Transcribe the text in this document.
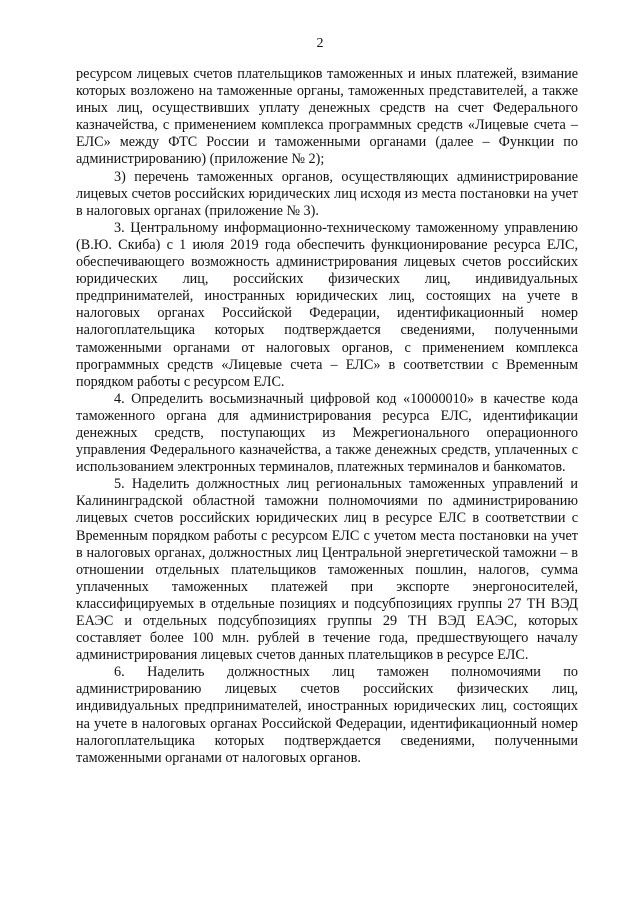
2

ресурсом лицевых счетов плательщиков таможенных и иных платежей, взимание которых возложено на таможенные органы, таможенных представителей, а также иных лиц, осуществивших уплату денежных средств на счет Федерального казначейства, с применением комплекса программных средств «Лицевые счета – ЕЛС» между ФТС России и таможенными органами (далее – Функции по администрированию) (приложение № 2);

3) перечень таможенных органов, осуществляющих администрирование лицевых счетов российских юридических лиц исходя из места постановки на учет в налоговых органах (приложение № 3).

3. Центральному информационно-техническому таможенному управлению (В.Ю. Скиба) с 1 июля 2019 года обеспечить функционирование ресурса ЕЛС, обеспечивающего возможность администрирования лицевых счетов российских юридических лиц, российских физических лиц, индивидуальных предпринимателей, иностранных юридических лиц, состоящих на учете в налоговых органах Российской Федерации, идентификационный номер налогоплательщика которых подтверждается сведениями, полученными таможенными органами от налоговых органов, с применением комплекса программных средств «Лицевые счета – ЕЛС» в соответствии с Временным порядком работы с ресурсом ЕЛС.

4. Определить восьмизначный цифровой код «10000010» в качестве кода таможенного органа для администрирования ресурса ЕЛС, идентификации денежных средств, поступающих из Межрегионального операционного управления Федерального казначейства, а также денежных средств, уплаченных с использованием электронных терминалов, платежных терминалов и банкоматов.

5. Наделить должностных лиц региональных таможенных управлений и Калининградской областной таможни полномочиями по администрированию лицевых счетов российских юридических лиц в ресурсе ЕЛС в соответствии с Временным порядком работы с ресурсом ЕЛС с учетом места постановки на учет в налоговых органах, должностных лиц Центральной энергетической таможни – в отношении отдельных плательщиков таможенных пошлин, налогов, сумма уплаченных таможенных платежей при экспорте энергоносителей, классифицируемых в отдельные позициях и подсубпозициях группы 27 ТН ВЭД ЕАЭС и отдельных подсубпозициях группы 29 ТН ВЭД ЕАЭС, которых составляет более 100 млн. рублей в течение года, предшествующего началу администрирования лицевых счетов данных плательщиков в ресурсе ЕЛС.

6. Наделить должностных лиц таможен полномочиями по администрированию лицевых счетов российских физических лиц, индивидуальных предпринимателей, иностранных юридических лиц, состоящих на учете в налоговых органах Российской Федерации, идентификационный номер налогоплательщика которых подтверждается сведениями, полученными таможенными органами от налоговых органов.
